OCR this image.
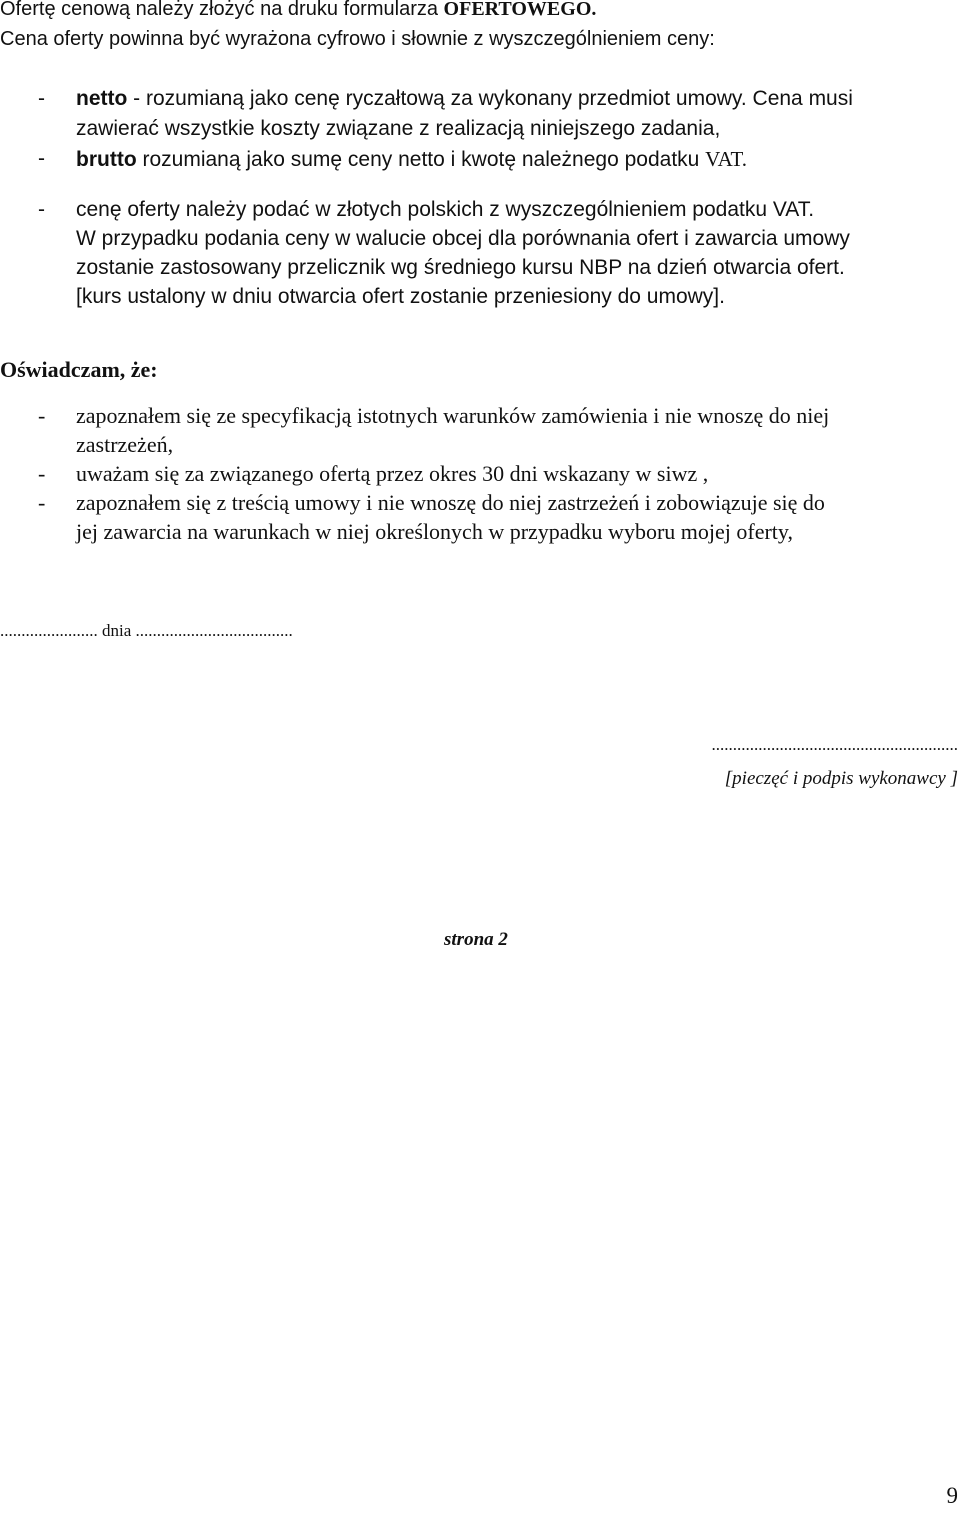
Ofertę cenową należy złożyć na druku formularza OFERTOWEGO.
Cena oferty powinna być wyrażona cyfrowo i słownie z wyszczególnieniem ceny:
- netto - rozumianą jako cenę ryczałtową za wykonany przedmiot umowy. Cena musi
zawierać wszystkie koszty związane z realizacją niniejszego zadania,
- brutto rozumianą jako sumę ceny netto i kwotę należnego podatku VAT.
- cenę oferty należy podać w złotych polskich z wyszczególnieniem podatku VAT.
W przypadku podania ceny w walucie obcej dla porównania ofert i zawarcia umowy
zostanie zastosowany przelicznik wg średniego kursu NBP na dzień otwarcia ofert.
[kurs ustalony w dniu otwarcia ofert zostanie przeniesiony do umowy].
Oświadczam, że:
- zapoznałem się ze specyfikacją istotnych warunków zamówienia i nie wnoszę do niej
zastrzeżeń,
- uważam się za związanego ofertą przez okres 30 dni wskazany w siwz ,
- zapoznałem się z treścią umowy i nie wnoszę do niej zastrzeżeń i zobowiązuje się do
jej zawarcia na warunkach w niej określonych w przypadku wyboru mojej oferty,
....................... dnia .....................................
..........................................................
[pieczęć i podpis wykonawcy ]
strona 2
9
